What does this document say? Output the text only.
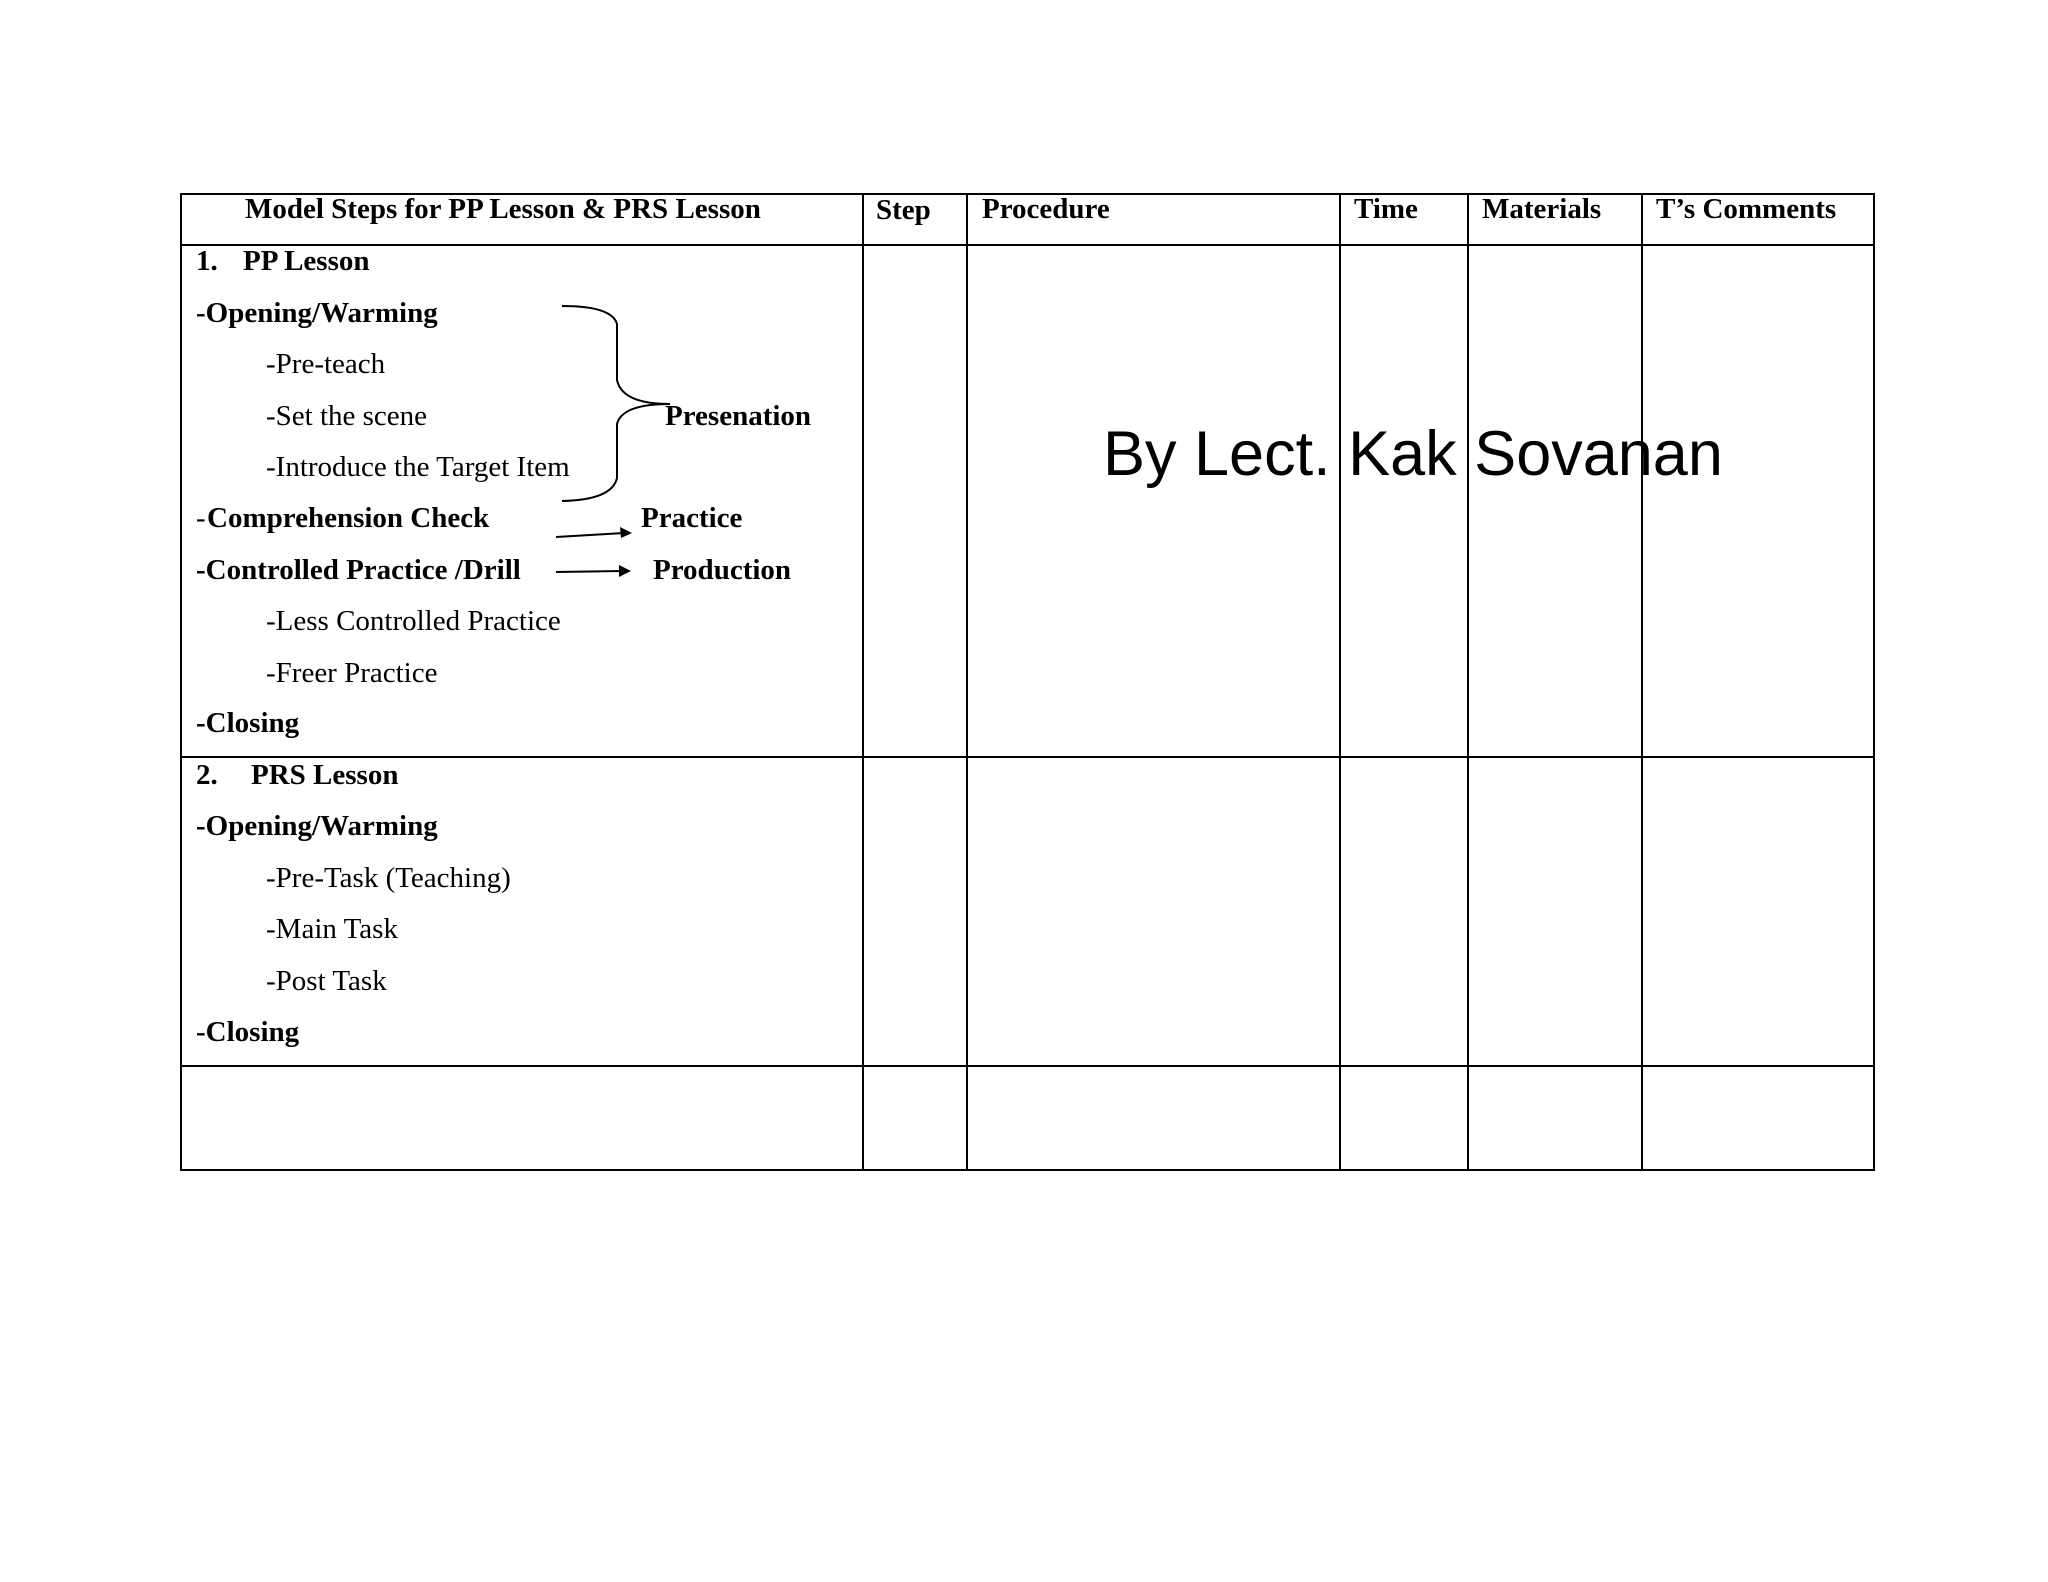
Model Steps for PP Lesson & PRS Lesson	Step Procedure	Time Materials T’s Comments
1. PP Lesson
-Opening/Warming
-Pre-teach
-Set the scene
-Introduce the Target Item
- Comprehension Check
-Controlled Practice /Drill
-Less Controlled Practice
-Freer Practice
-Closing
Presenation
Practice
Production
2. PRS Lesson
-Opening/Warming
-Pre-Task (Teaching)
-Main Task
-Post Task
-Closing
By Lect. Kak Sovanan
